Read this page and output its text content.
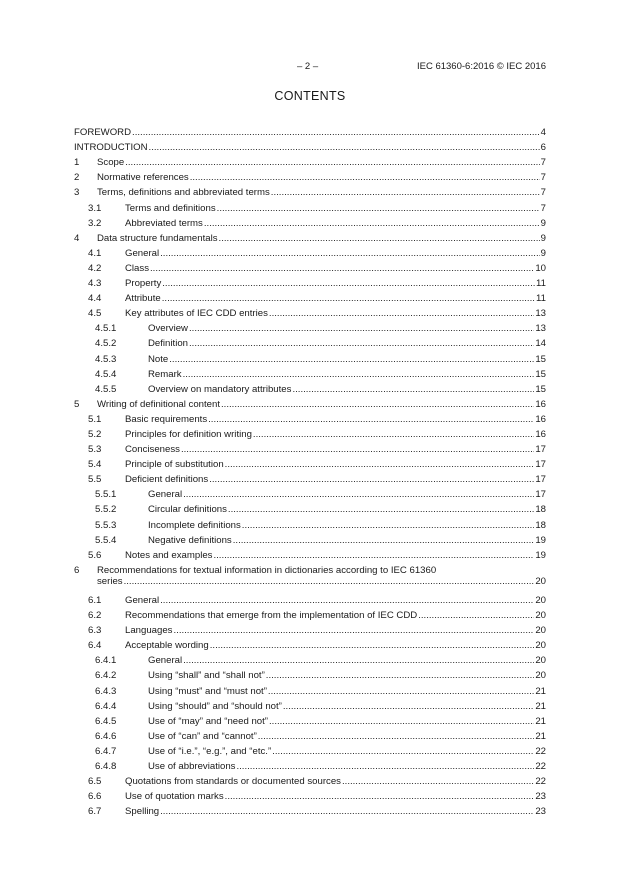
– 2 –	IEC 61360-6:2016 © IEC 2016
CONTENTS
FOREWORD .....	4
INTRODUCTION .....	6
1	Scope .....	7
2	Normative references .....	7
3	Terms, definitions and abbreviated terms .....	7
3.1	Terms and definitions .....	7
3.2	Abbreviated terms .....	9
4	Data structure fundamentals .....	9
4.1	General .....	9
4.2	Class .....	10
4.3	Property .....	11
4.4	Attribute .....	11
4.5	Key attributes of IEC CDD entries .....	13
4.5.1	Overview .....	13
4.5.2	Definition .....	14
4.5.3	Note .....	15
4.5.4	Remark .....	15
4.5.5	Overview on mandatory attributes .....	15
5	Writing of definitional content .....	16
5.1	Basic requirements .....	16
5.2	Principles for definition writing .....	16
5.3	Conciseness .....	17
5.4	Principle of substitution .....	17
5.5	Deficient definitions .....	17
5.5.1	General .....	17
5.5.2	Circular definitions .....	18
5.5.3	Incomplete definitions .....	18
5.5.4	Negative definitions .....	19
5.6	Notes and examples .....	19
6	Recommendations for textual information in dictionaries according to IEC 61360
series .....	20
6.1	General .....	20
6.2	Recommendations that emerge from the implementation of IEC CDD .....	20
6.3	Languages .....	20
6.4	Acceptable wording .....	20
6.4.1	General .....	20
6.4.2	Using “shall” and “shall not” .....	20
6.4.3	Using “must” and “must not” .....	21
6.4.4	Using “should” and “should not” .....	21
6.4.5	Use of “may” and “need not” .....	21
6.4.6	Use of “can” and “cannot” .....	21
6.4.7	Use of “i.e.”, “e.g.”, and “etc.” .....	22
6.4.8	Use of abbreviations .....	22
6.5	Quotations from standards or documented sources .....	22
6.6	Use of quotation marks .....	23
6.7	Spelling .....	23
